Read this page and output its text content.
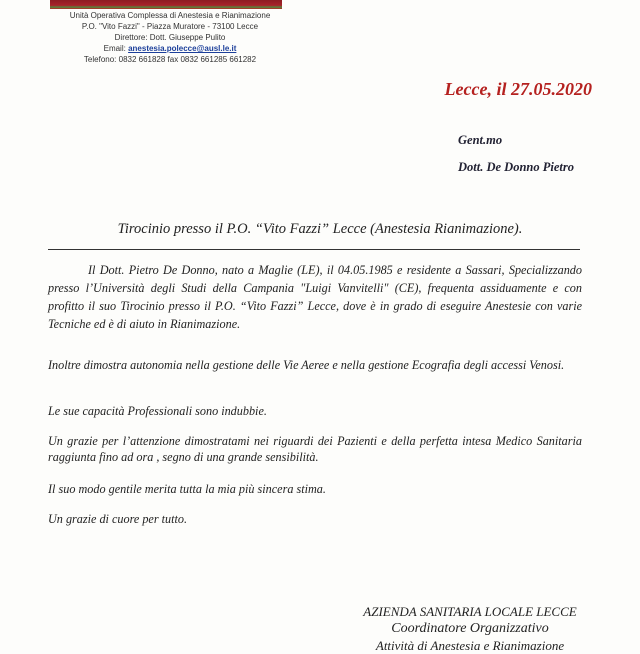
Unità Operativa Complessa di Anestesia e Rianimazione
P.O. "Vito Fazzi" - Piazza Muratore - 73100 Lecce
Direttore: Dott. Giuseppe Pulito
Email: anestesia.polecce@ausl.le.it
Telefono: 0832 661828 fax 0832 661285 661282
Lecce, il 27.05.2020
Gent.mo
Dott. De Donno Pietro
Tirocinio presso il P.O. “Vito Fazzi” Lecce (Anestesia Rianimazione).
Il Dott. Pietro De Donno, nato a Maglie (LE), il 04.05.1985 e residente a Sassari, Specializzando presso l’Università degli Studi della Campania "Luigi Vanvitelli" (CE), frequenta assiduamente e con profitto il suo Tirocinio presso il P.O. “Vito Fazzi” Lecce, dove è in grado di eseguire Anestesie con varie Tecniche ed è di aiuto in Rianimazione.
Inoltre dimostra autonomia nella gestione delle Vie Aeree e nella gestione Ecografia degli accessi Venosi.
Le sue capacità Professionali sono indubbie.
Un grazie per l’attenzione dimostratami nei riguardi dei Pazienti e della perfetta intesa Medico Sanitaria raggiunta fino ad ora , segno di una grande sensibilità.
Il suo modo gentile merita tutta la mia più sincera stima.
Un grazie di cuore per tutto.
AZIENDA SANITARIA LOCALE LECCE
Coordinatore Organizzativo
Attività di Anestesia e Rianimazione
